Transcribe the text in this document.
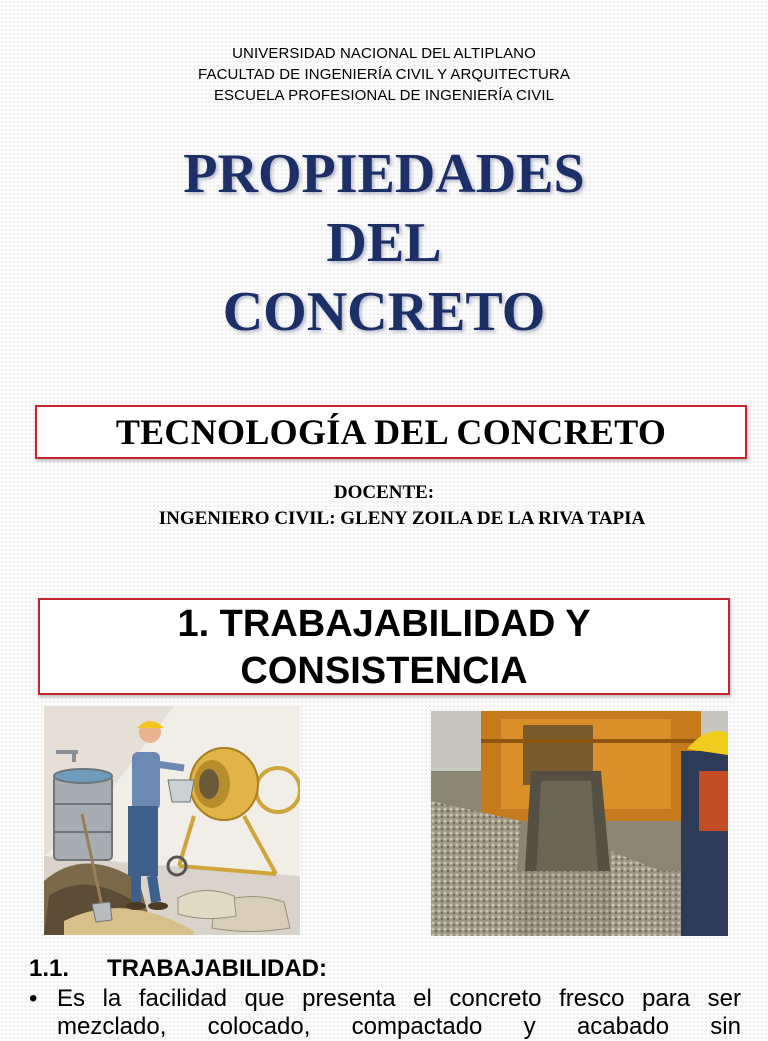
UNIVERSIDAD NACIONAL DEL ALTIPLANO
FACULTAD DE INGENIERÍA CIVIL Y ARQUITECTURA
ESCUELA PROFESIONAL DE INGENIERÍA CIVIL
PROPIEDADES
DEL
CONCRETO
TECNOLOGÍA DEL CONCRETO
DOCENTE:
INGENIERO CIVIL: GLENY ZOILA DE LA RIVA TAPIA
1. TRABAJABILIDAD Y
CONSISTENCIA
1.1. TRABAJABILIDAD:
• Es la facilidad que presenta el concreto fresco para ser mezclado, colocado, compactado y acabado sin
